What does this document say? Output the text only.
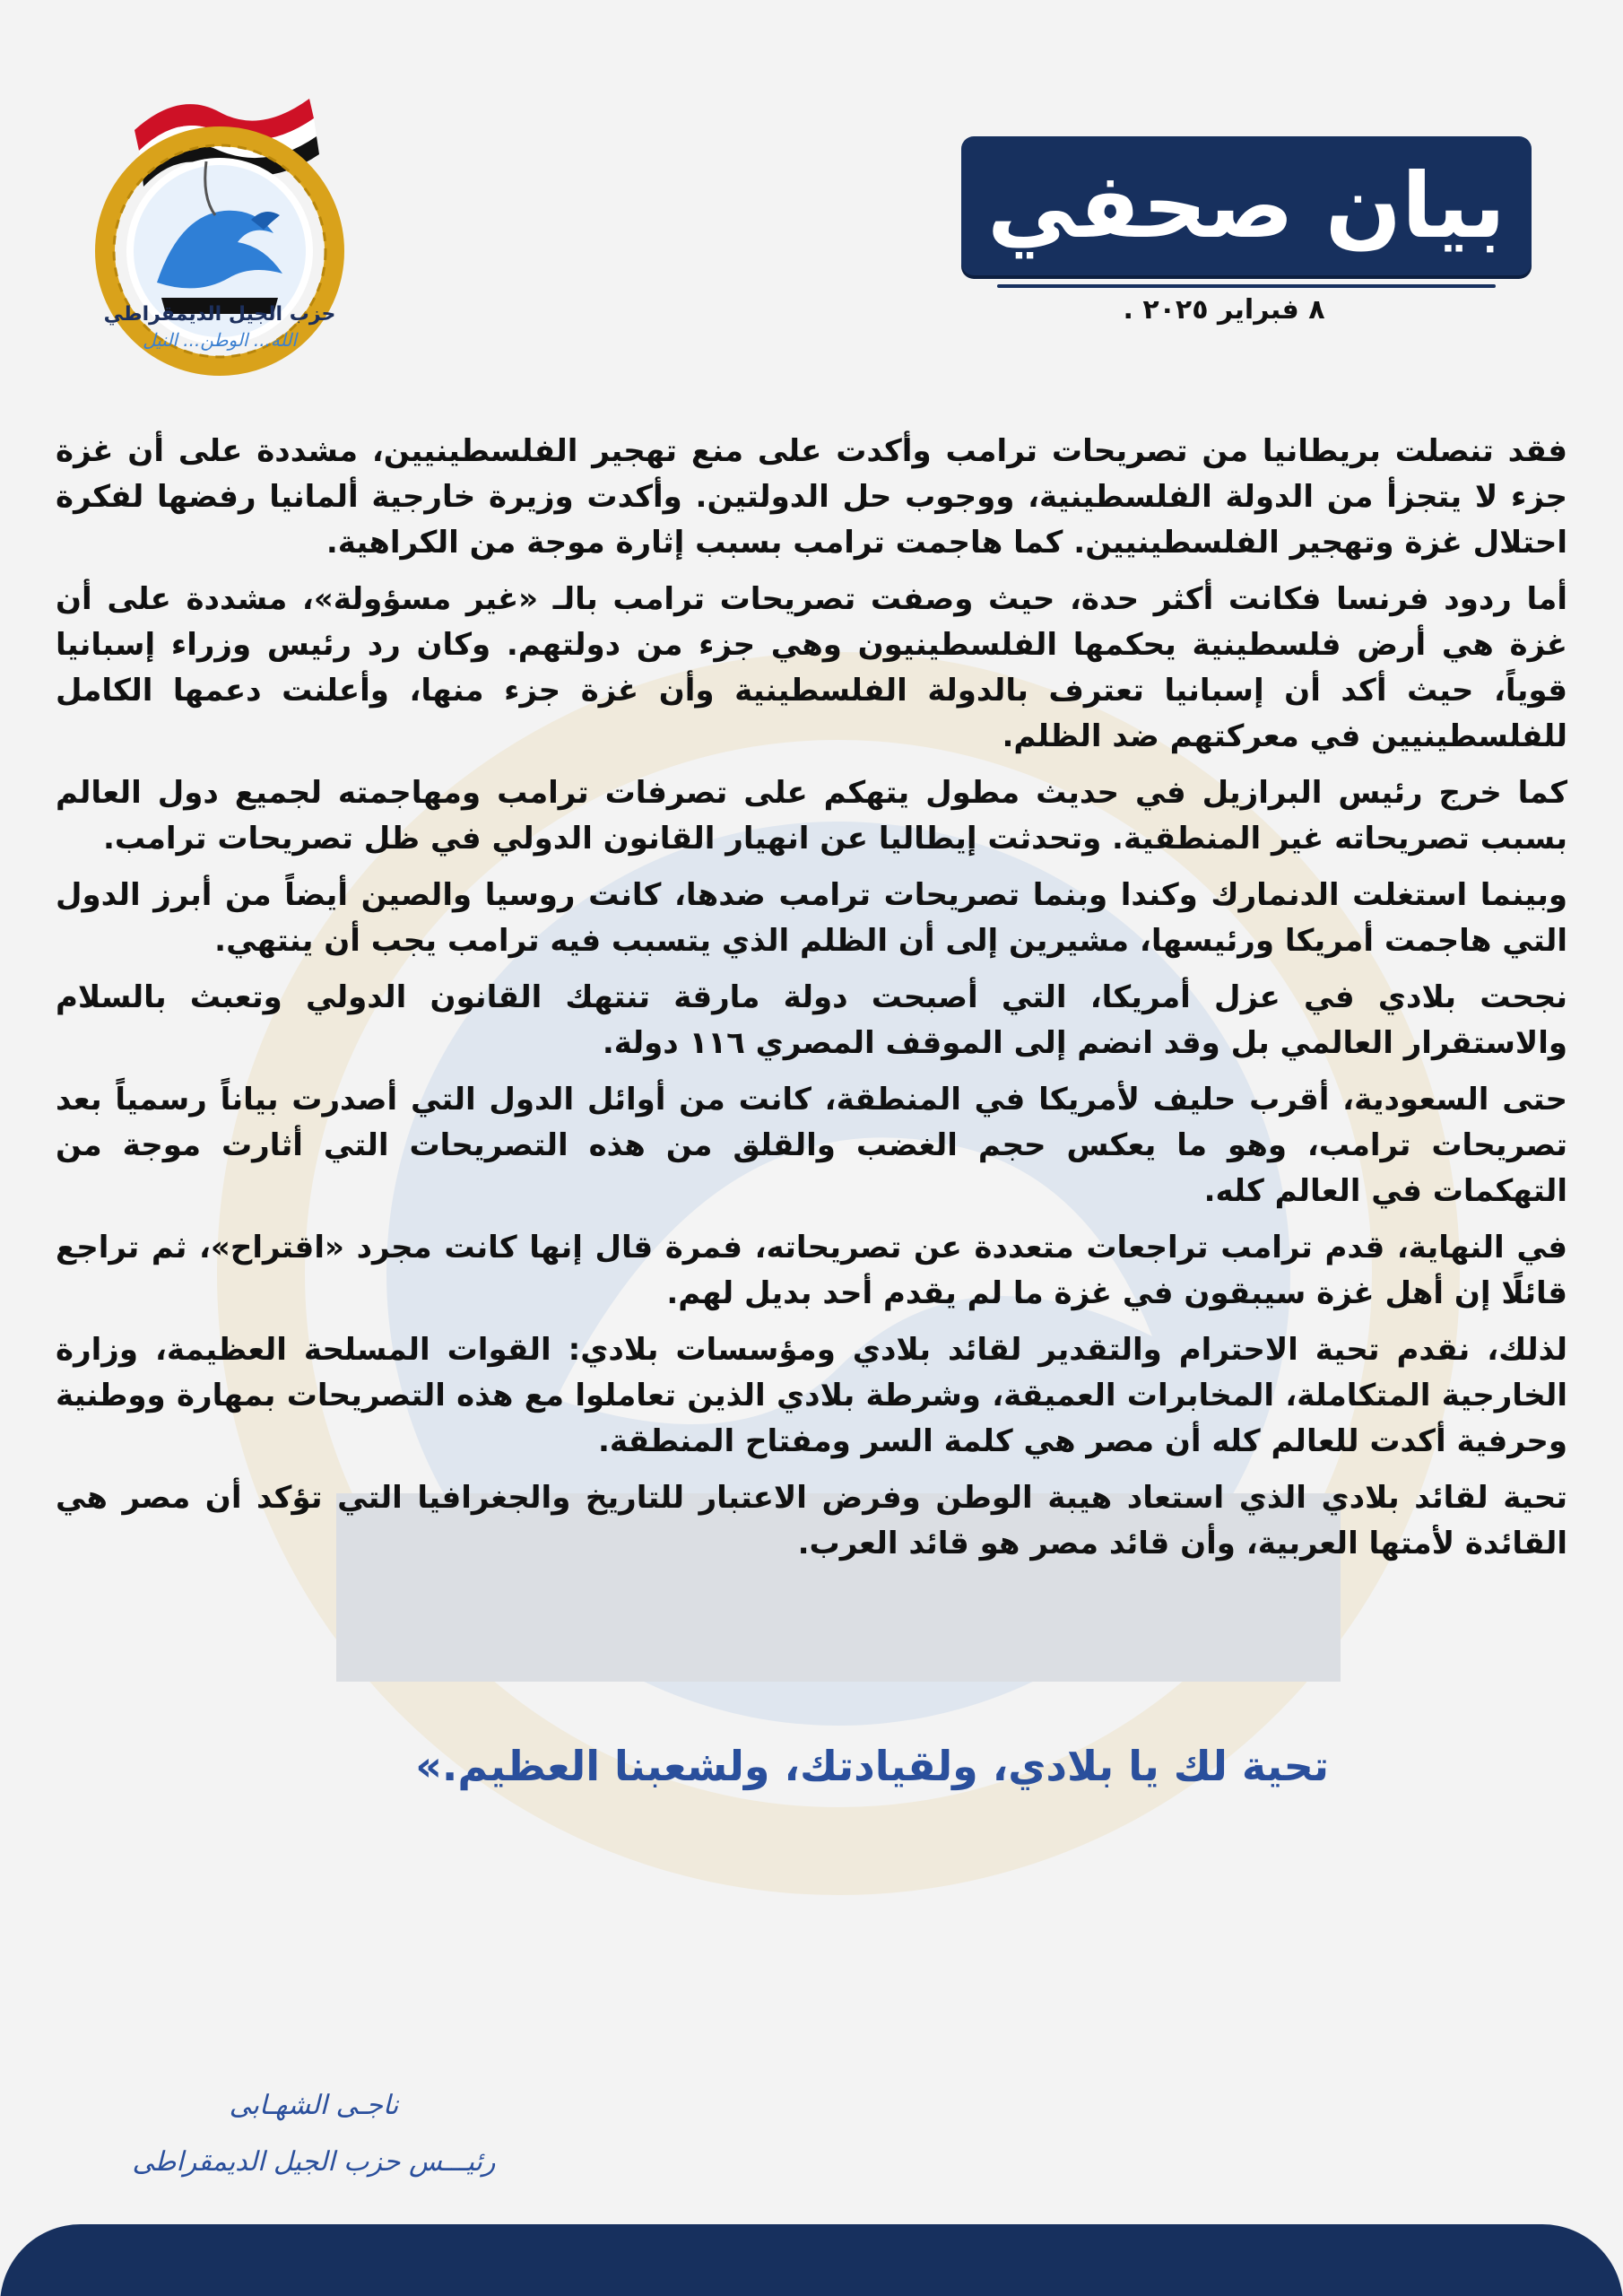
حزب الجيل الديمقراطي
الله... الوطن... النيل
بيان صحفي
٨ فبراير ٢٠٢٥ .

فقد تنصلت بريطانيا من تصريحات ترامب وأكدت على منع تهجير الفلسطينيين، مشددة على أن غزة جزء لا يتجزأ من الدولة الفلسطينية، ووجوب حل الدولتين. وأكدت وزيرة خارجية ألمانيا رفضها لفكرة احتلال غزة وتهجير الفلسطينيين. كما هاجمت ترامب بسبب إثارة موجة من الكراهية.

أما ردود فرنسا فكانت أكثر حدة، حيث وصفت تصريحات ترامب بالـ «غير مسؤولة»، مشددة على أن غزة هي أرض فلسطينية يحكمها الفلسطينيون وهي جزء من دولتهم. وكان رد رئيس وزراء إسبانيا قوياً، حيث أكد أن إسبانيا تعترف بالدولة الفلسطينية وأن غزة جزء منها، وأعلنت دعمها الكامل للفلسطينيين في معركتهم ضد الظلم.

كما خرج رئيس البرازيل في حديث مطول يتهكم على تصرفات ترامب ومهاجمته لجميع دول العالم بسبب تصريحاته غير المنطقية. وتحدثت إيطاليا عن انهيار القانون الدولي في ظل تصريحات ترامب.

وبينما استغلت الدنمارك وكندا وبنما تصريحات ترامب ضدها، كانت روسيا والصين أيضاً من أبرز الدول التي هاجمت أمريكا ورئيسها، مشيرين إلى أن الظلم الذي يتسبب فيه ترامب يجب أن ينتهي.

نجحت بلادي في عزل أمريكا، التي أصبحت دولة مارقة تنتهك القانون الدولي وتعبث بالسلام والاستقرار العالمي بل وقد انضم إلى الموقف المصري ١١٦ دولة.

حتى السعودية، أقرب حليف لأمريكا في المنطقة، كانت من أوائل الدول التي أصدرت بياناً رسمياً بعد تصريحات ترامب، وهو ما يعكس حجم الغضب والقلق من هذه التصريحات التي أثارت موجة من التهكمات في العالم كله.

في النهاية، قدم ترامب تراجعات متعددة عن تصريحاته، فمرة قال إنها كانت مجرد «اقتراح»، ثم تراجع قائلًا إن أهل غزة سيبقون في غزة ما لم يقدم أحد بديل لهم.

لذلك، نقدم تحية الاحترام والتقدير لقائد بلادي ومؤسسات بلادي: القوات المسلحة العظيمة، وزارة الخارجية المتكاملة، المخابرات العميقة، وشرطة بلادي الذين تعاملوا مع هذه التصريحات بمهارة ووطنية وحرفية أكدت للعالم كله أن مصر هي كلمة السر ومفتاح المنطقة.

تحية لقائد بلادي الذي استعاد هيبة الوطن وفرض الاعتبار للتاريخ والجغرافيا التي تؤكد أن مصر هي القائدة لأمتها العربية، وأن قائد مصر هو قائد العرب.

تحية لك يا بلادي، ولقيادتك، ولشعبنا العظيم.»
ناجـى الشهـابى
رئيـــس حزب الجيل الديمقراطى
